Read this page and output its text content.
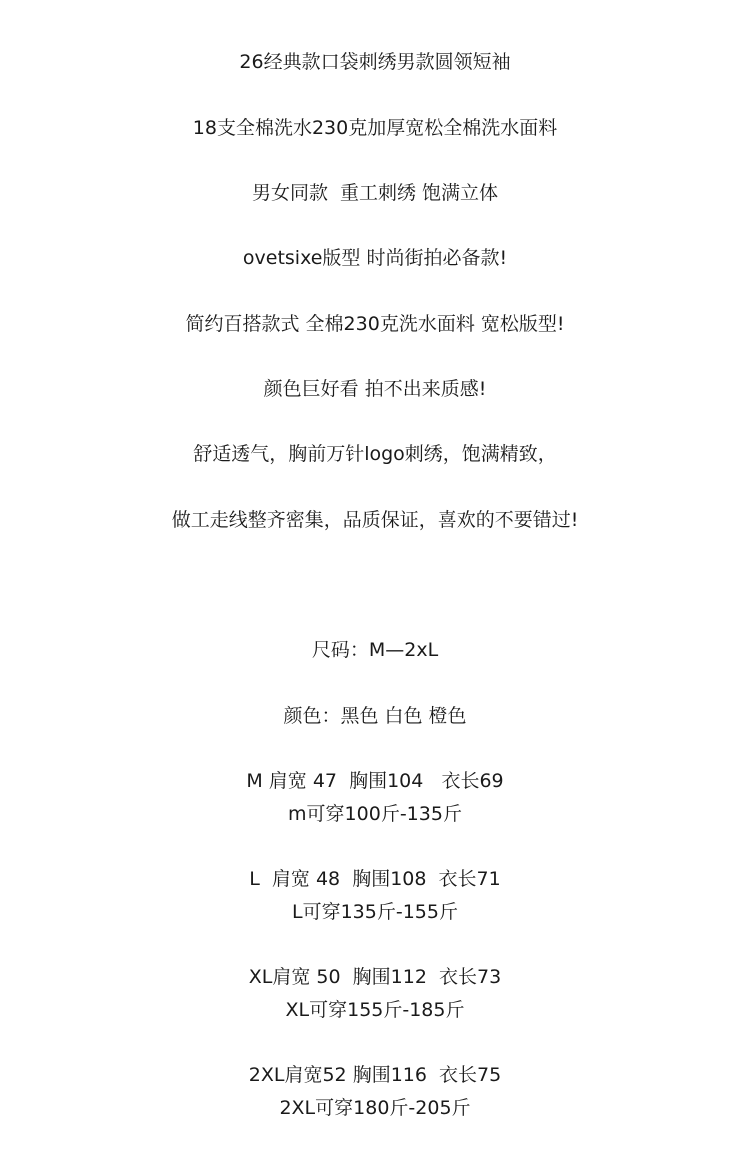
26经典款口袋刺绣男款圆领短袖
18支全棉洗水230克加厚宽松全棉洗水面料
男女同款  重工刺绣 饱满立体
ovetsixe版型 时尚街拍必备款!
简约百搭款式 全棉230克洗水面料 宽松版型!
颜色巨好看 拍不出来质感!
舒适透气，胸前万针logo刺绣，饱满精致，
做工走线整齐密集，品质保证，喜欢的不要错过!
尺码：M—2xL
颜色：黑色 白色 橙色
M 肩宽 47  胸围104   衣长69
m可穿100斤-135斤
L  肩宽 48  胸围108  衣长71
L可穿135斤-155斤
XL肩宽 50  胸围112  衣长73
XL可穿155斤-185斤
2XL肩宽52 胸围116  衣长75
2XL可穿180斤-205斤
